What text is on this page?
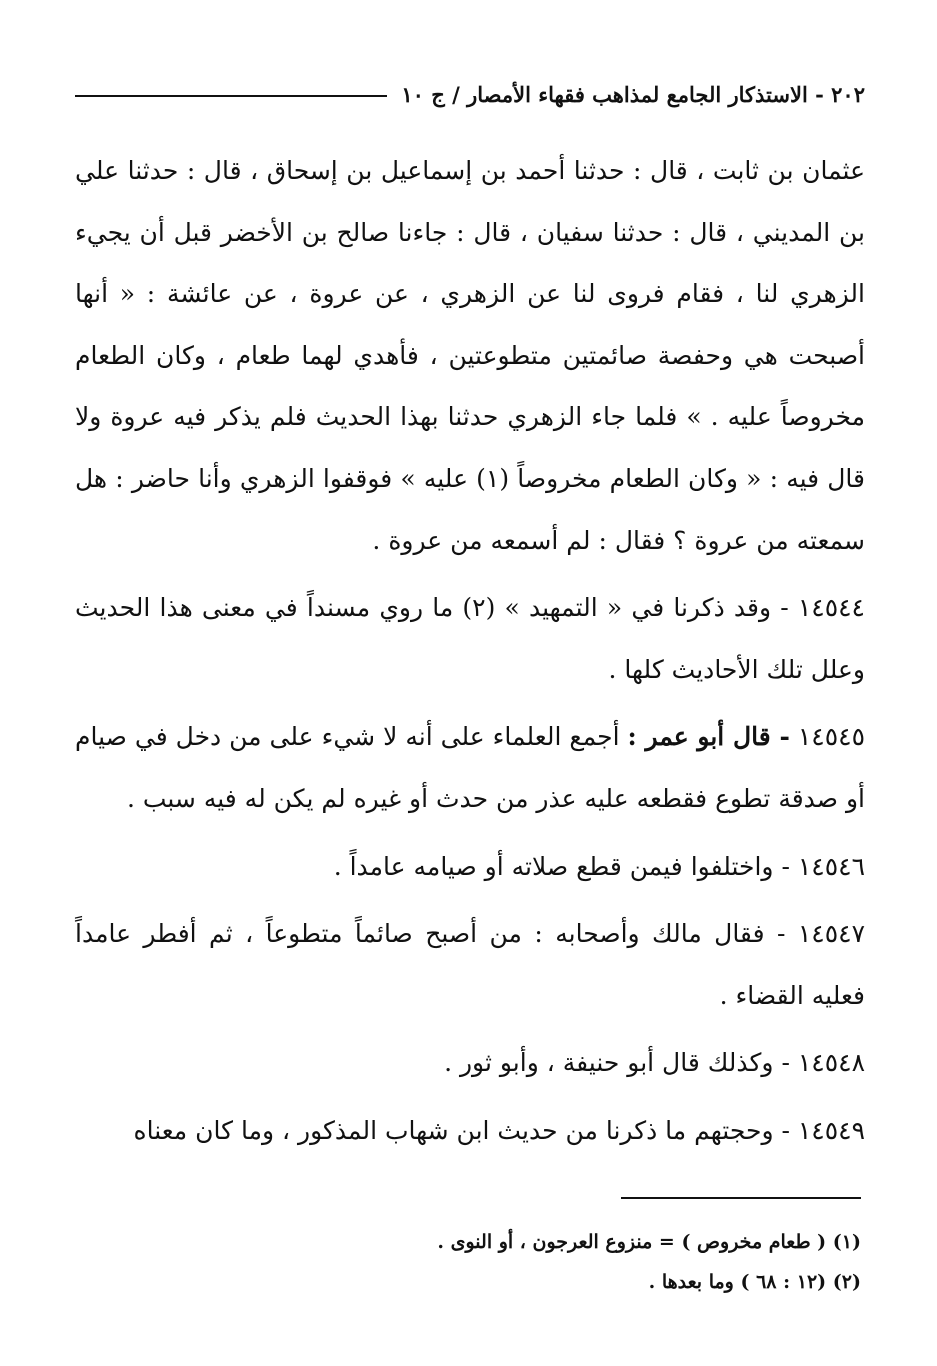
٢٠٢ - الاستذكار الجامع لمذاهب فقهاء الأمصار / ج ١٠

عثمان بن ثابت ، قال : حدثنا أحمد بن إسماعيل بن إسحاق ، قال : حدثنا علي بن المديني ، قال : حدثنا سفيان ، قال : جاءنا صالح بن الأخضر قبل أن يجيء الزهري لنا ، فقام فروى لنا عن الزهري ، عن عروة ، عن عائشة : « أنها أصبحت هي وحفصة صائمتين متطوعتين ، فأهدي لهما طعام ، وكان الطعام مخروصاً عليه . » فلما جاء الزهري حدثنا بهذا الحديث فلم يذكر فيه عروة ولا قال فيه : « وكان الطعام مخروصاً (١) عليه » فوقفوا الزهري وأنا حاضر : هل سمعته من عروة ؟ فقال : لم أسمعه من عروة .

١٤٥٤٤ - وقد ذكرنا في « التمهيد » (٢) ما روي مسنداً في معنى هذا الحديث وعلل تلك الأحاديث كلها .

١٤٥٤٥ - قال أبو عمر : أجمع العلماء على أنه لا شيء على من دخل في صيام أو صدقة تطوع فقطعه عليه عذر من حدث أو غيره لم يكن له فيه سبب .

١٤٥٤٦ - واختلفوا فيمن قطع صلاته أو صيامه عامداً .

١٤٥٤٧ - فقال مالك وأصحابه : من أصبح صائماً متطوعاً ، ثم أفطر عامداً فعليه القضاء .

١٤٥٤٨ - وكذلك قال أبو حنيفة ، وأبو ثور .

١٤٥٤٩ - وحجتهم ما ذكرنا من حديث ابن شهاب المذكور ، وما كان معناه

(١) ( طعام مخروص ) = منزوع العرجون ، أو النوى .

(٢) (١٢ : ٦٨ ) وما بعدها .
